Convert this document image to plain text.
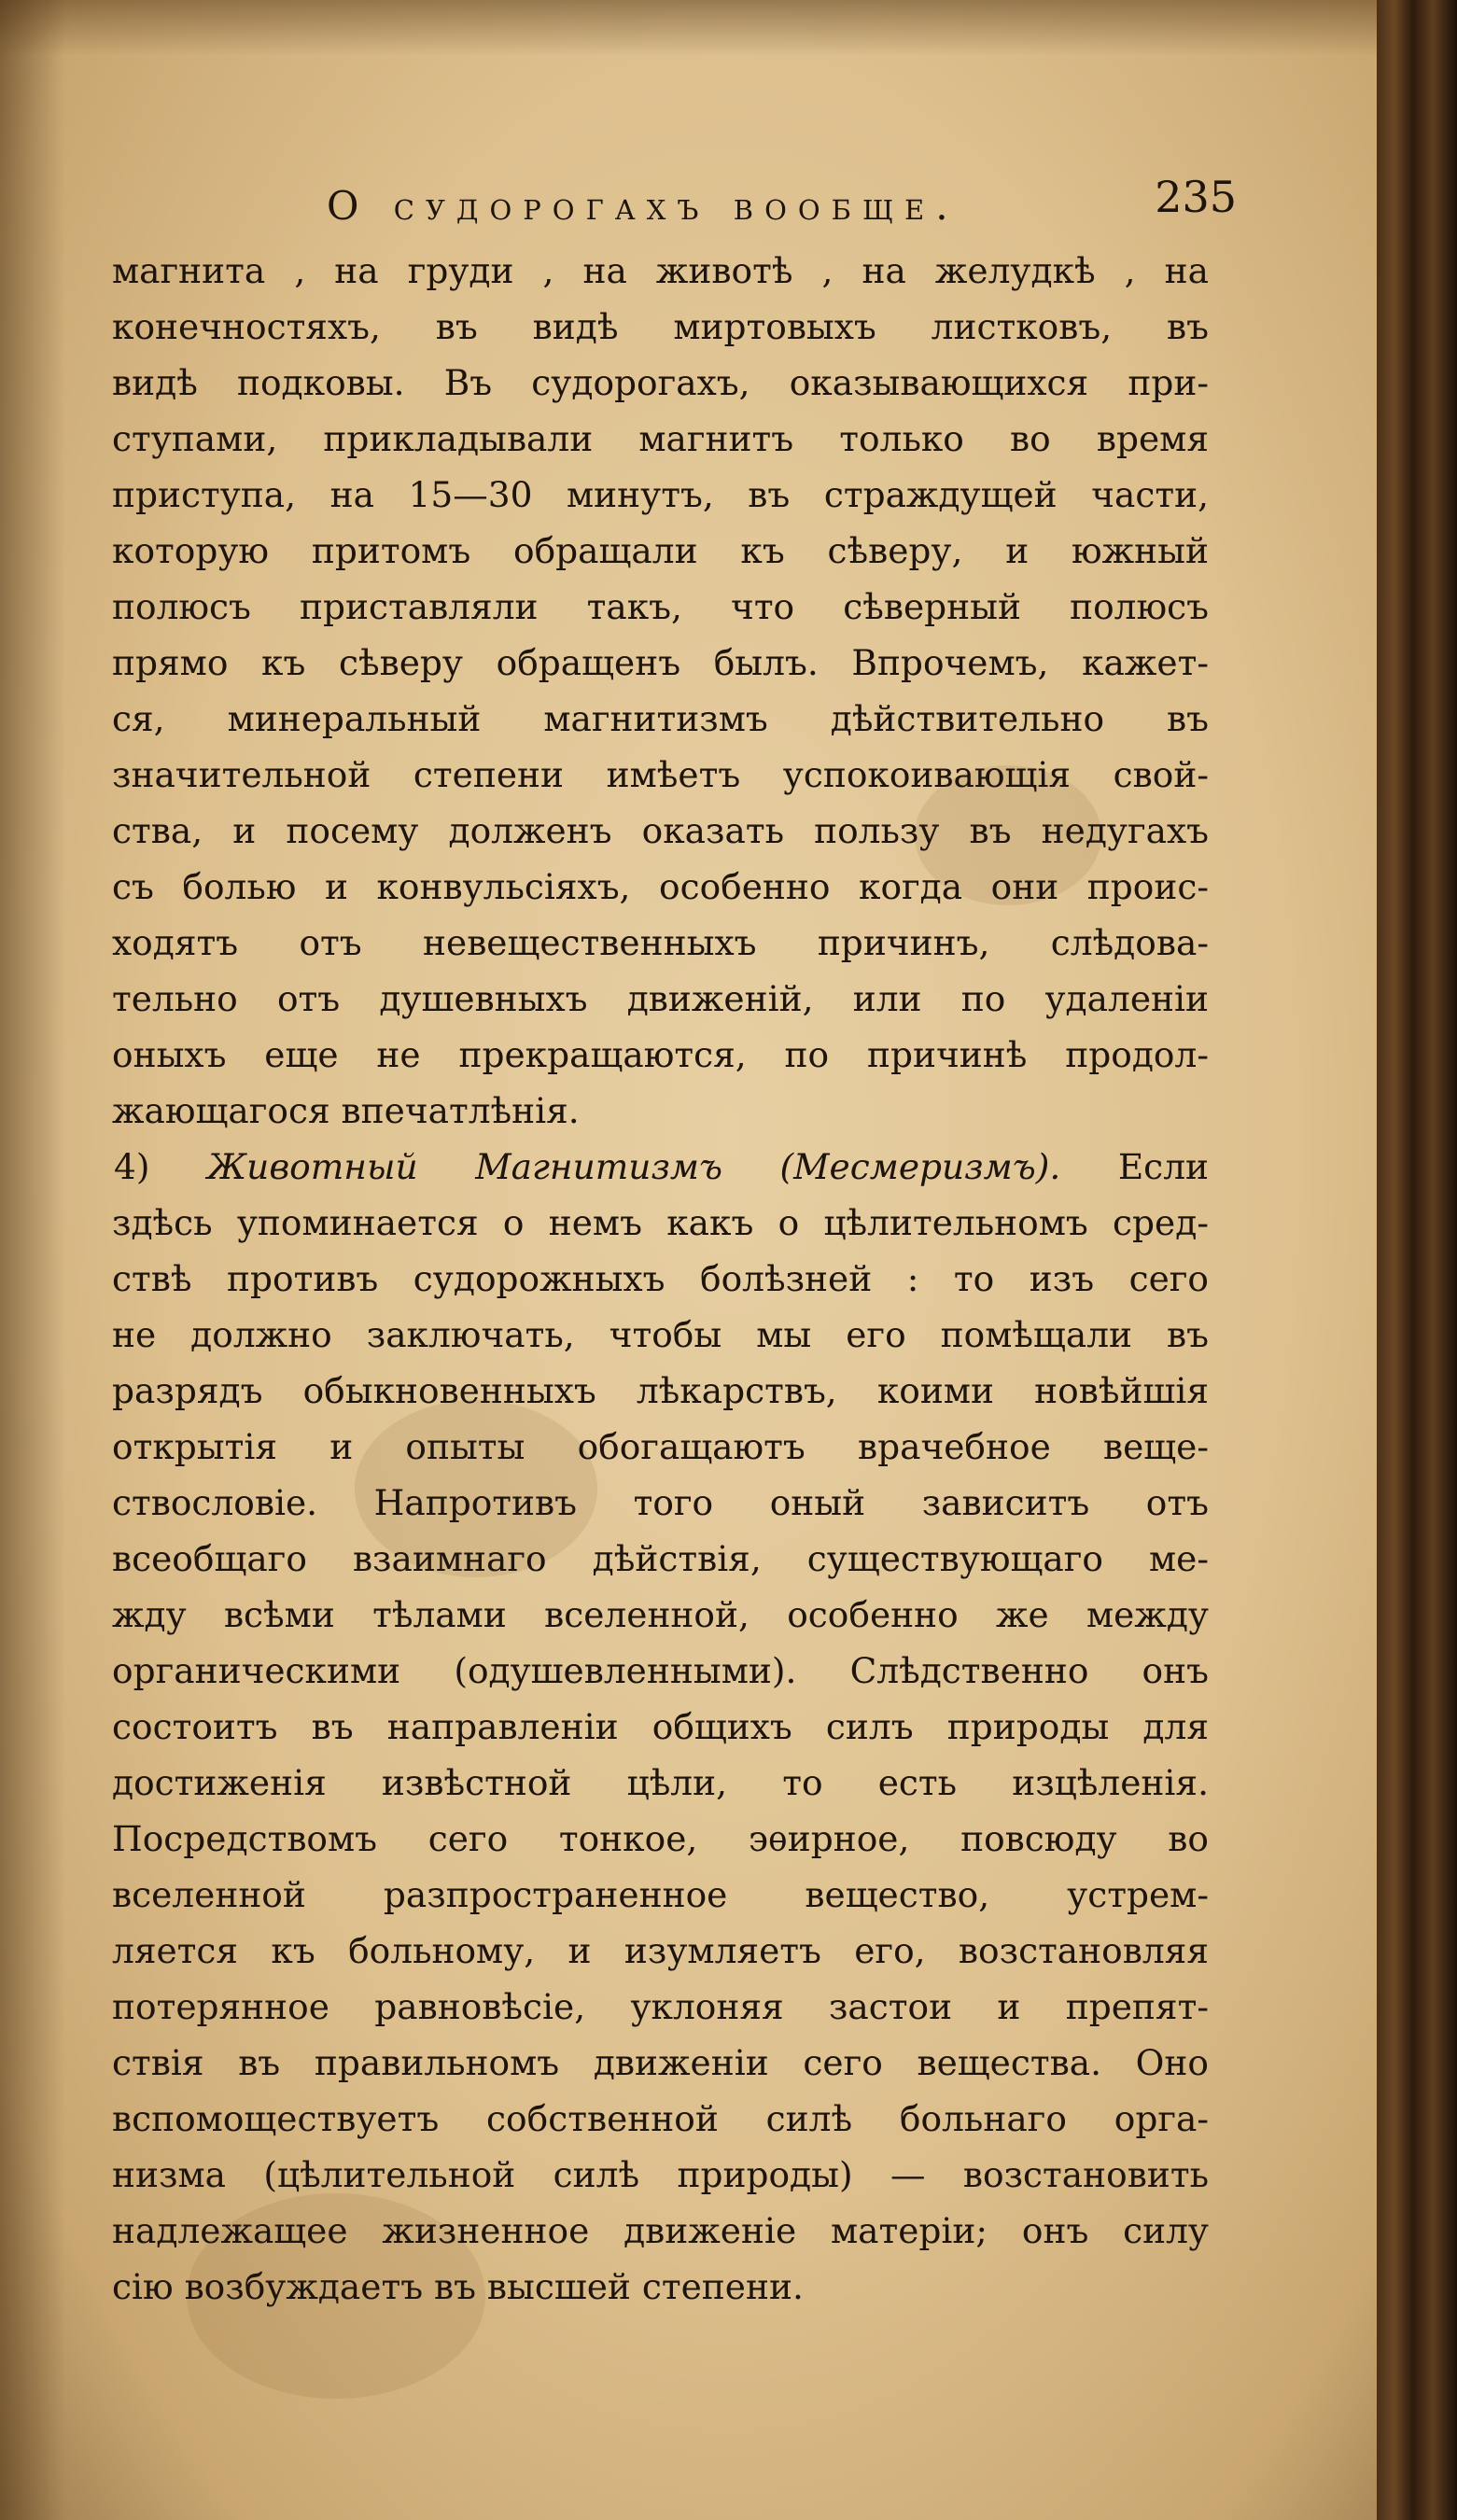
О судорогахъ вообще.	235
магнита , на груди , на животѣ , на желудкѣ , на
конечностяхъ, въ видѣ миртовыхъ листковъ, въ
видѣ подковы. Въ судорогахъ, оказывающихся при-
ступами, прикладывали магнитъ только во время
приступа, на 15—30 минутъ, въ страждущей части,
которую притомъ обращали къ сѣверу, и южный
полюсъ приставляли такъ, что сѣверный полюсъ
прямо къ сѣверу обращенъ былъ. Впрочемъ, кажет-
ся, минеральный магнитизмъ дѣйствительно въ
значительной степени имѣетъ успокоивающія свой-
ства, и посему долженъ оказать пользу въ недугахъ
съ болью и конвульсіяхъ, особенно когда они проис-
ходятъ отъ невещественныхъ причинъ, слѣдова-
тельно отъ душевныхъ движеній, или по удаленіи
оныхъ еще не прекращаются, по причинѣ продол-
жающагося впечатлѣнія.
4) Животный Магнитизмъ (Месмеризмъ). Если
здѣсь упоминается о немъ какъ о цѣлительномъ сред-
ствѣ противъ судорожныхъ болѣзней : то изъ сего
не должно заключать, чтобы мы его помѣщали въ
разрядъ обыкновенныхъ лѣкарствъ, коими новѣйшія
открытія и опыты обогащаютъ врачебное веще-
ствословіе. Напротивъ того оный зависитъ отъ
всеобщаго взаимнаго дѣйствія, существующаго ме-
жду всѣми тѣлами вселенной, особенно же между
органическими (одушевленными). Слѣдственно онъ
состоитъ въ направленіи общихъ силъ природы для
достиженія извѣстной цѣли, то есть изцѣленія.
Посредствомъ сего тонкое, эѳирное, повсюду во
вселенной разпространенное вещество, устрем-
ляется къ больному, и изумляетъ его, возстановляя
потерянное равновѣсіе, уклоняя застои и препят-
ствія въ правильномъ движеніи сего вещества. Оно
вспомоществуетъ собственной силѣ больнаго орга-
низма (цѣлительной силѣ природы) — возстановить
надлежащее жизненное движеніе матеріи; онъ силу
сію возбуждаетъ въ высшей степени.
